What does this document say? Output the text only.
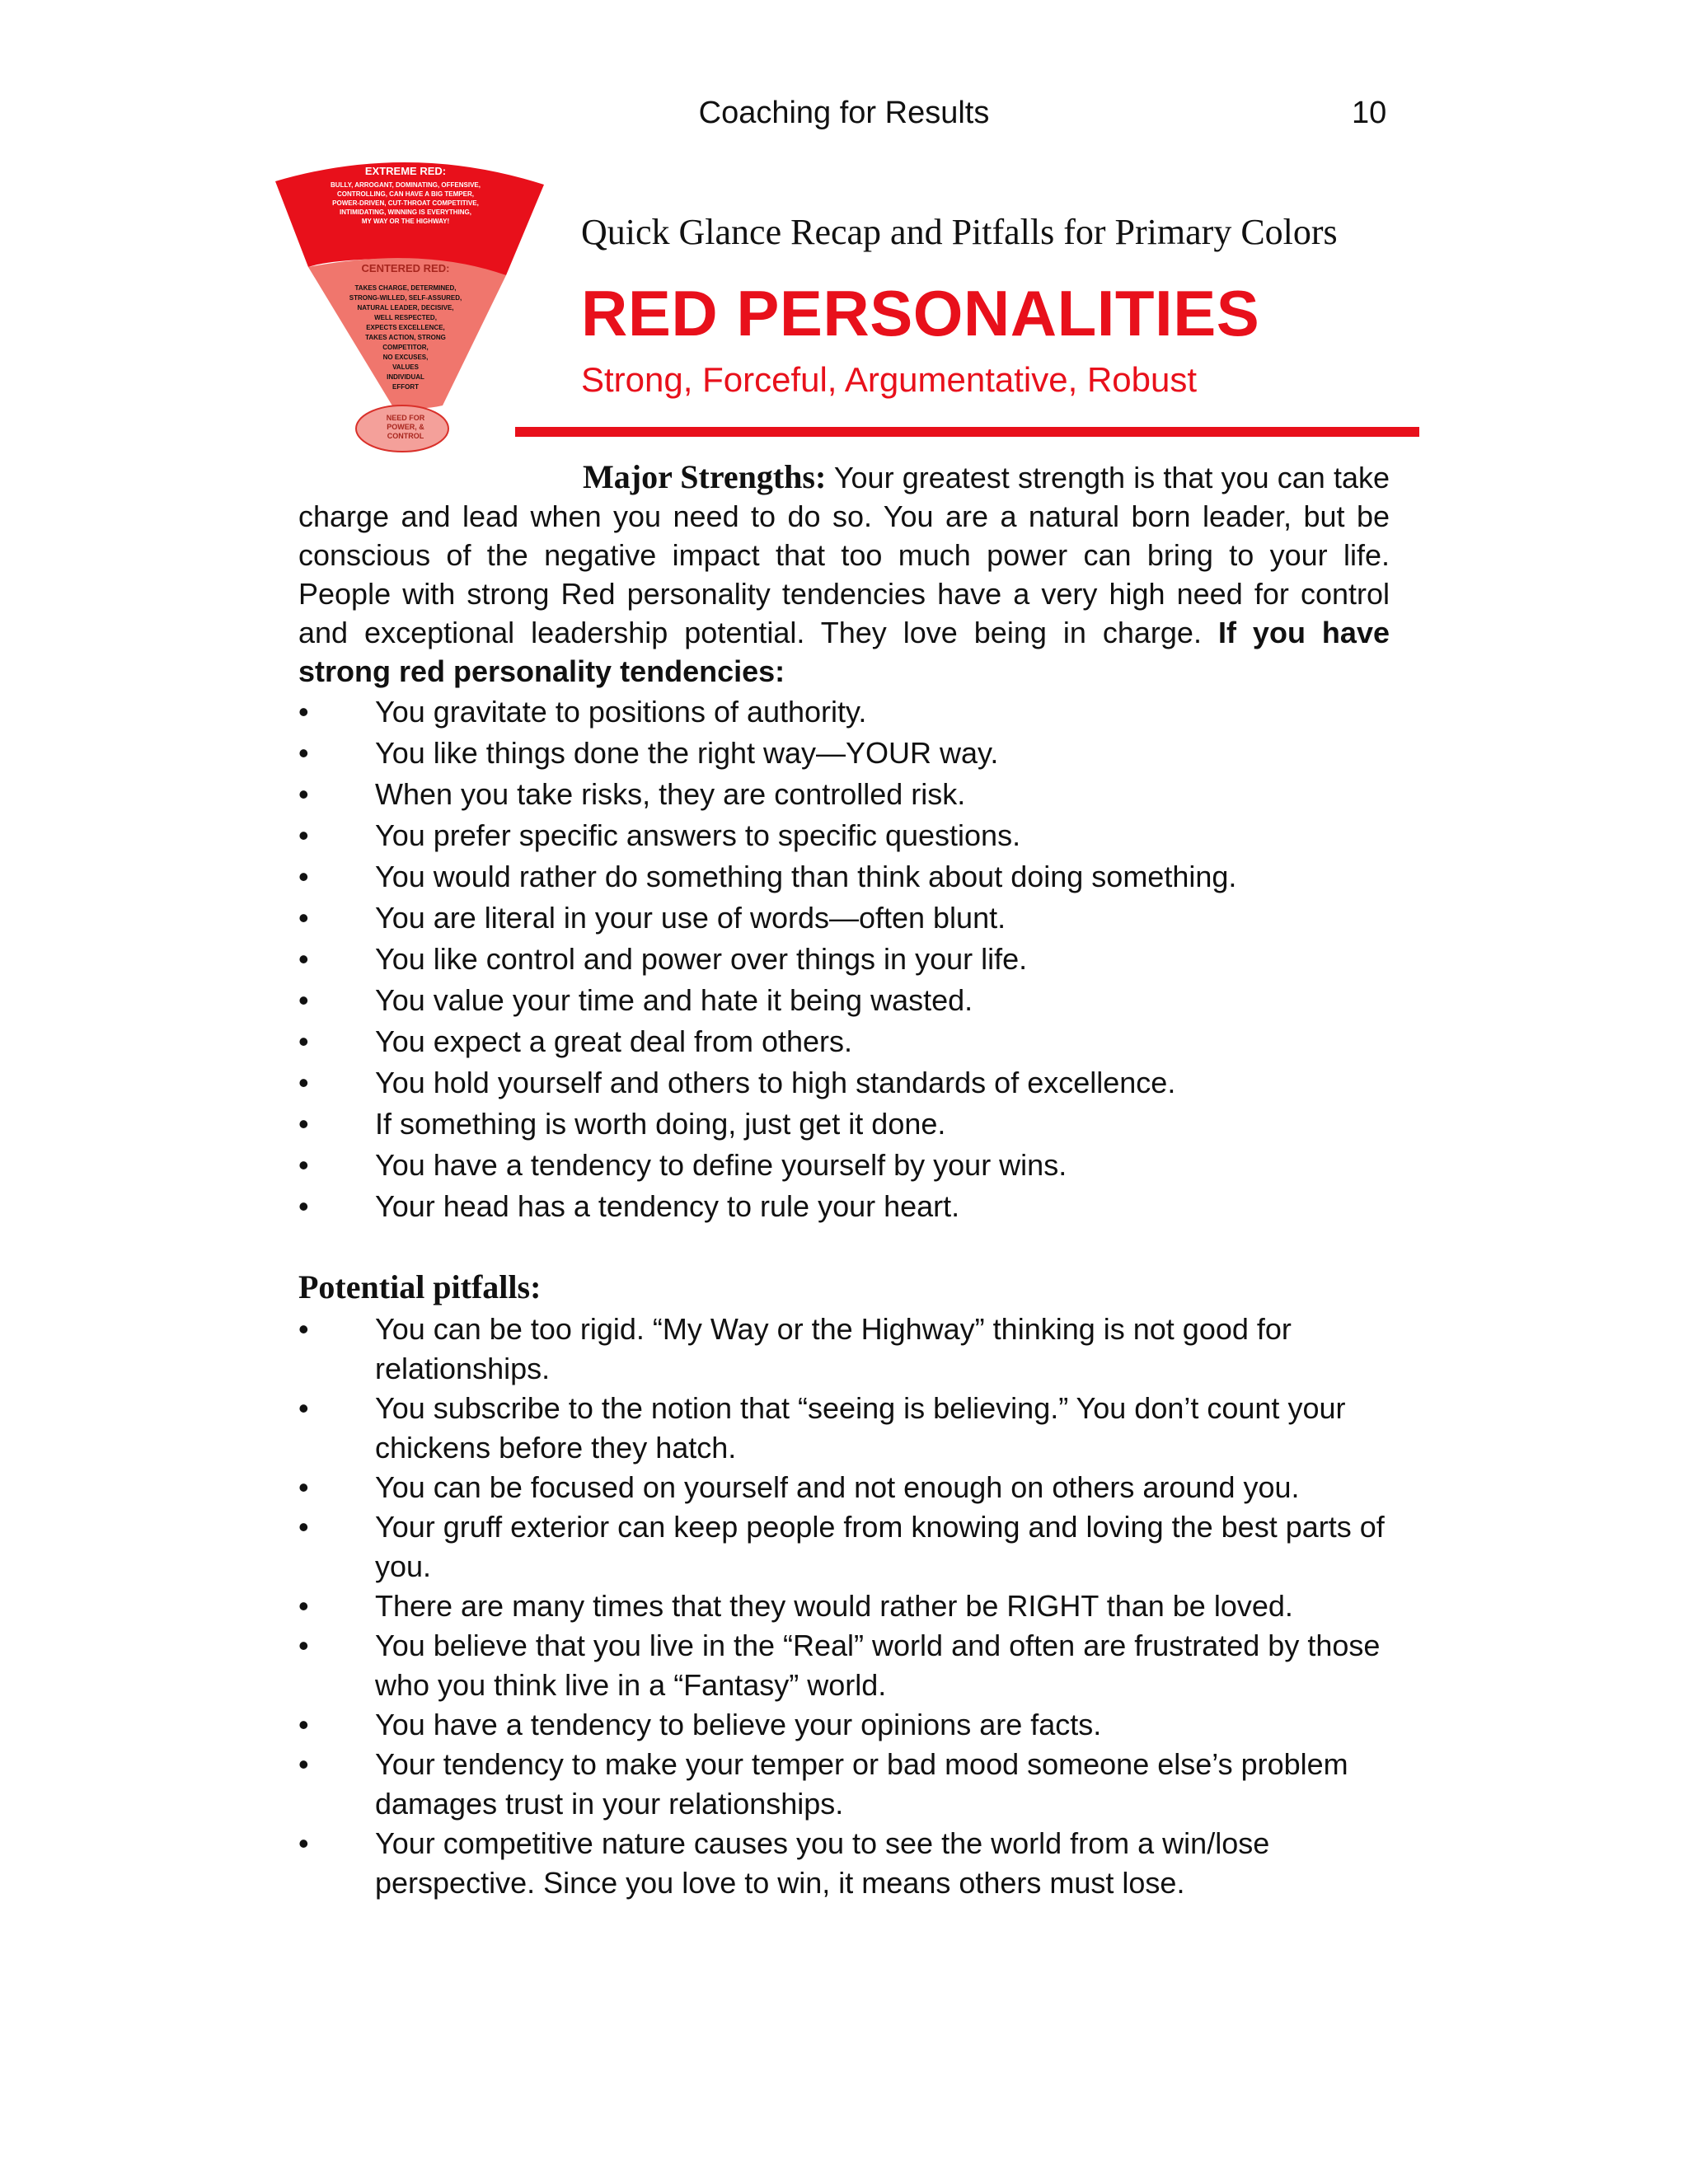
Coaching for Results	10
EXTREME RED:
BULLY, ARROGANT, DOMINATING, OFFENSIVE,
CONTROLLING, CAN HAVE A BIG TEMPER,
POWER-DRIVEN, CUT-THROAT COMPETITIVE,
INTIMIDATING, WINNING IS EVERYTHING,
MY WAY OR THE HIGHWAY!
CENTERED RED:
TAKES CHARGE, DETERMINED,
STRONG-WILLED, SELF-ASSURED,
NATURAL LEADER, DECISIVE,
WELL RESPECTED,
EXPECTS EXCELLENCE,
TAKES ACTION, STRONG
COMPETITOR,
NO EXCUSES,
VALUES
INDIVIDUAL
EFFORT
NEED FOR
POWER, &
CONTROL
Quick Glance Recap and Pitfalls for Primary Colors
RED PERSONALITIES
Strong, Forceful, Argumentative, Robust
Major Strengths: Your greatest strength is that you can take charge and lead when you need to do so. You are a natural born leader, but be conscious of the negative impact that too much power can bring to your life. People with strong Red personality tendencies have a very high need for control and exceptional leadership potential. They love being in charge. If you have strong red personality tendencies:
• You gravitate to positions of authority.
• You like things done the right way—YOUR way.
• When you take risks, they are controlled risk.
• You prefer specific answers to specific questions.
• You would rather do something than think about doing something.
• You are literal in your use of words—often blunt.
• You like control and power over things in your life.
• You value your time and hate it being wasted.
• You expect a great deal from others.
• You hold yourself and others to high standards of excellence.
• If something is worth doing, just get it done.
• You have a tendency to define yourself by your wins.
• Your head has a tendency to rule your heart.
Potential pitfalls:
• You can be too rigid. “My Way or the Highway” thinking is not good for relationships.
• You subscribe to the notion that “seeing is believing.” You don’t count your chickens before they hatch.
• You can be focused on yourself and not enough on others around you.
• Your gruff exterior can keep people from knowing and loving the best parts of you.
• There are many times that they would rather be RIGHT than be loved.
• You believe that you live in the “Real” world and often are frustrated by those who you think live in a “Fantasy” world.
• You have a tendency to believe your opinions are facts.
• Your tendency to make your temper or bad mood someone else’s problem damages trust in your relationships.
• Your competitive nature causes you to see the world from a win/lose perspective. Since you love to win, it means others must lose.
